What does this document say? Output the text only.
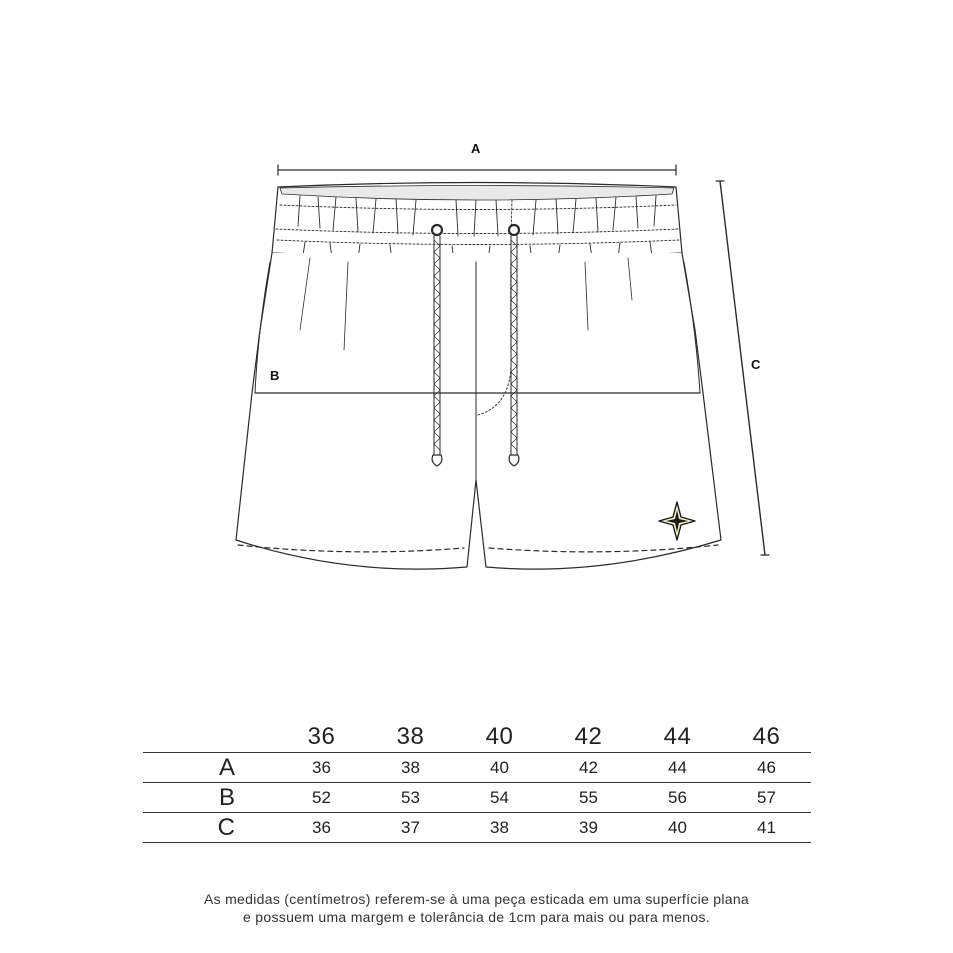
A
B
C
	36	38	40	42	44	46
A	36	38	40	42	44	46
B	52	53	54	55	56	57
C	36	37	38	39	40	41
As medidas (centímetros) referem-se à uma peça esticada em uma superfície plana
e possuem uma margem e tolerância de 1cm para mais ou para menos.
